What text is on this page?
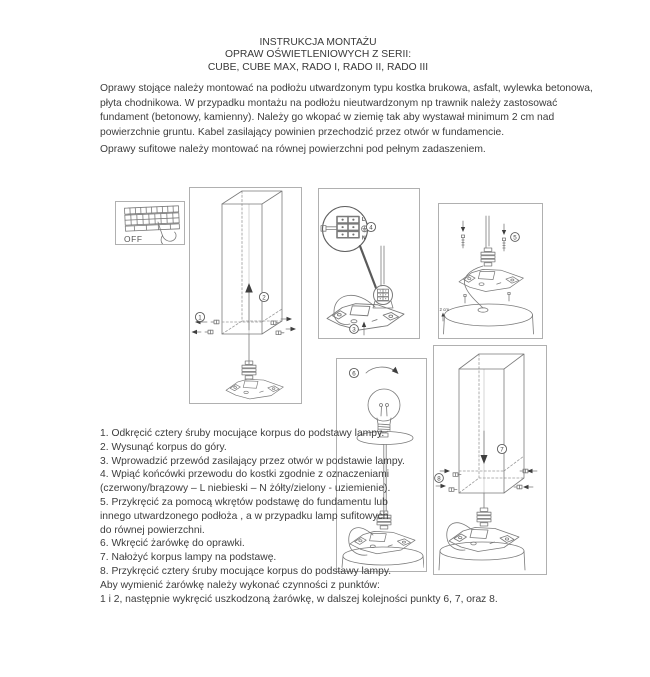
INSTRUKCJA MONTAŻU
OPRAW OŚWIETLENIOWYCH Z SERII:
CUBE, CUBE MAX, RADO I, RADO II, RADO III
Oprawy stojące należy montować na podłożu utwardzonym typu kostka brukowa, asfalt, wylewka betonowa,
płyta chodnikowa. W przypadku montażu na podłożu nieutwardzonym np trawnik należy zastosować
fundament (betonowy, kamienny). Należy go wkopać w ziemię tak aby wystawał minimum 2 cm nad
powierzchnie gruntu. Kabel zasilający powinien przechodzić przez otwór w fundamencie.
Oprawy sufitowe należy montować na równej powierzchni pod pełnym zadaszeniem.
OFF
1
2
L
N
4
3
5
2 cm
6
7
8
1. Odkręcić cztery śruby mocujące korpus do podstawy lampy.
2. Wysunąć korpus do góry.
3. Wprowadzić przewód zasilający przez otwór w podstawie lampy.
4. Wpiąć końcówki przewodu do kostki zgodnie z oznaczeniami
(czerwony/brązowy – L niebieski – N żółty/zielony - uziemienie).
5. Przykręcić za pomocą wkrętów podstawę do fundamentu lub
innego utwardzonego podłoża , a w przypadku lamp sufitowych
do równej powierzchni.
6. Wkręcić żarówkę do oprawki.
7. Nałożyć korpus lampy na podstawę.
8. Przykręcić cztery śruby mocujące korpus do podstawy lampy.
Aby wymienić żarówkę należy wykonać czynności z punktów:
1 i 2, następnie wykręcić uszkodzoną żarówkę, w dalszej kolejności punkty 6, 7, oraz 8.
